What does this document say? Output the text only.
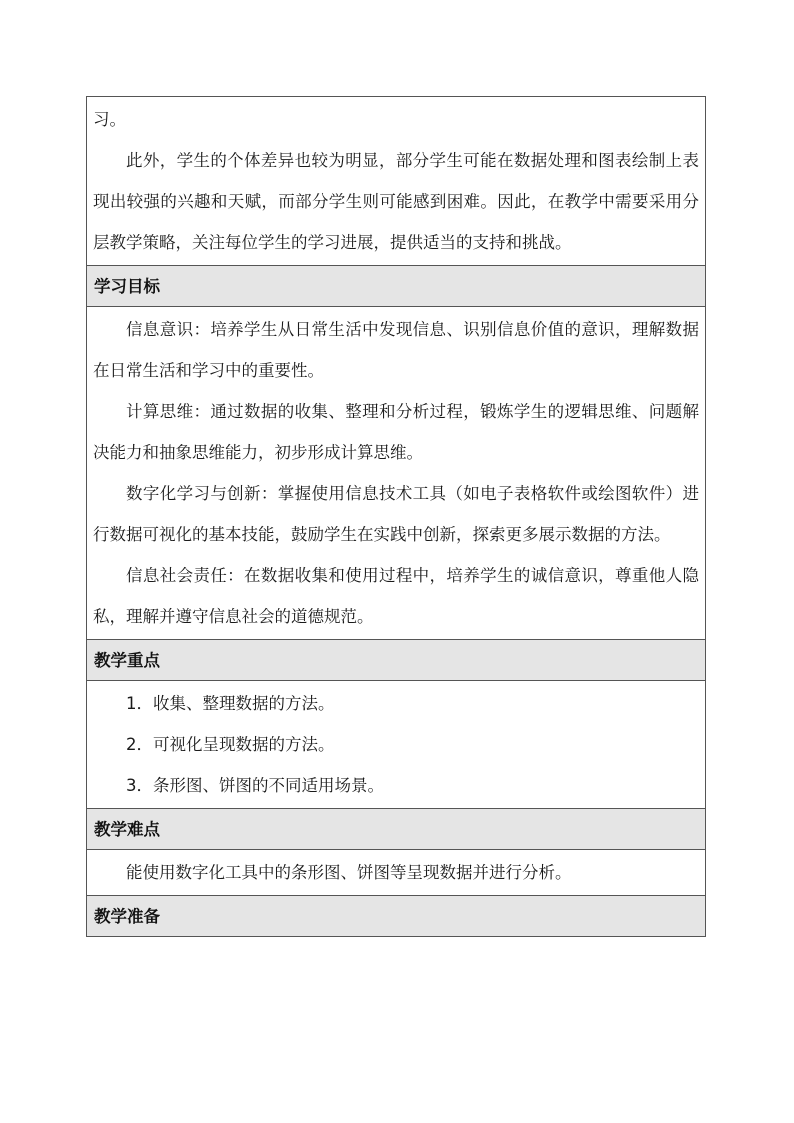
习。

此外，学生的个体差异也较为明显，部分学生可能在数据处理和图表绘制上表现出较强的兴趣和天赋，而部分学生则可能感到困难。因此，在教学中需要采用分层教学策略，关注每位学生的学习进展，提供适当的支持和挑战。

学习目标

信息意识：培养学生从日常生活中发现信息、识别信息价值的意识，理解数据在日常生活和学习中的重要性。

计算思维：通过数据的收集、整理和分析过程，锻炼学生的逻辑思维、问题解决能力和抽象思维能力，初步形成计算思维。

数字化学习与创新：掌握使用信息技术工具（如电子表格软件或绘图软件）进行数据可视化的基本技能，鼓励学生在实践中创新，探索更多展示数据的方法。

信息社会责任：在数据收集和使用过程中，培养学生的诚信意识，尊重他人隐私，理解并遵守信息社会的道德规范。

教学重点

1．收集、整理数据的方法。

2．可视化呈现数据的方法。

3．条形图、饼图的不同适用场景。

教学难点

能使用数字化工具中的条形图、饼图等呈现数据并进行分析。

教学准备
